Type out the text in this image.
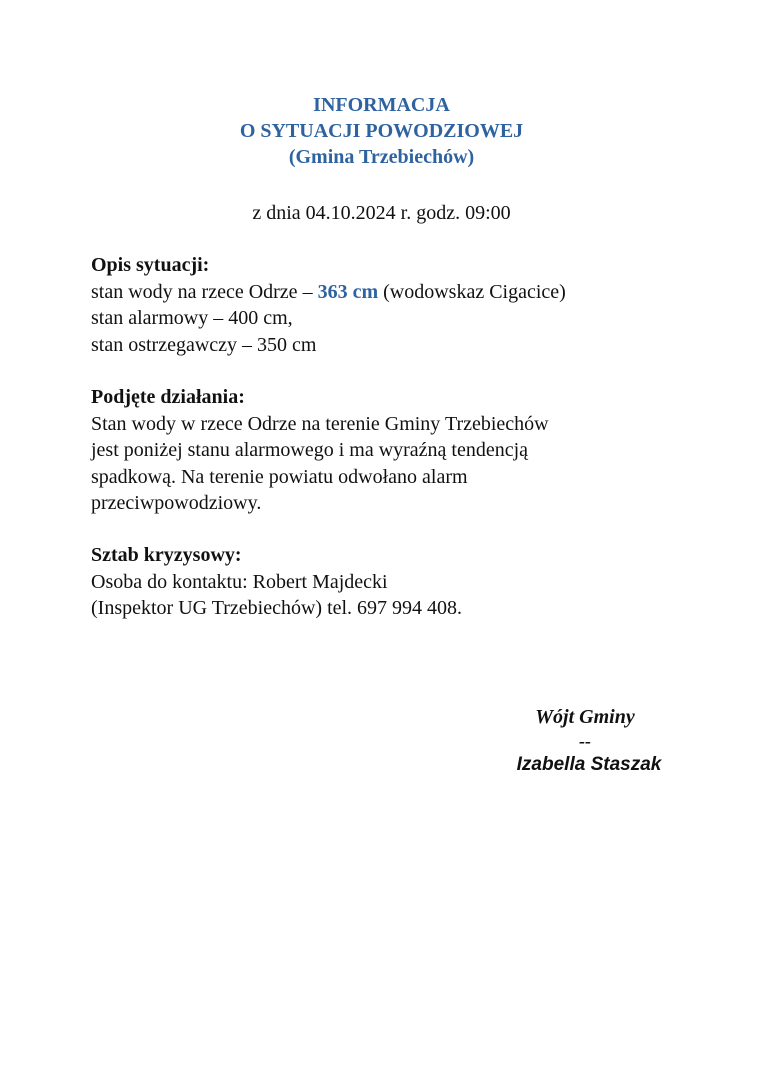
INFORMACJA
O SYTUACJI POWODZIOWEJ
(Gmina Trzebiechów)
z dnia 04.10.2024 r. godz. 09:00

Opis sytuacji:

stan wody na rzece Odrze – 363 cm (wodowskaz Cigacice)

stan alarmowy – 400 cm,

stan ostrzegawczy – 350 cm

Podjęte działania:

Stan wody w rzece Odrze na terenie Gminy Trzebiechów

jest poniżej stanu alarmowego i ma wyraźną tendencją

spadkową. Na terenie powiatu odwołano alarm

przeciwpowodziowy.

Sztab kryzysowy:

Osoba do kontaktu: Robert Majdecki

(Inspektor UG Trzebiechów) tel. 697 994 408.

Wójt Gminy
--
Izabella Staszak
